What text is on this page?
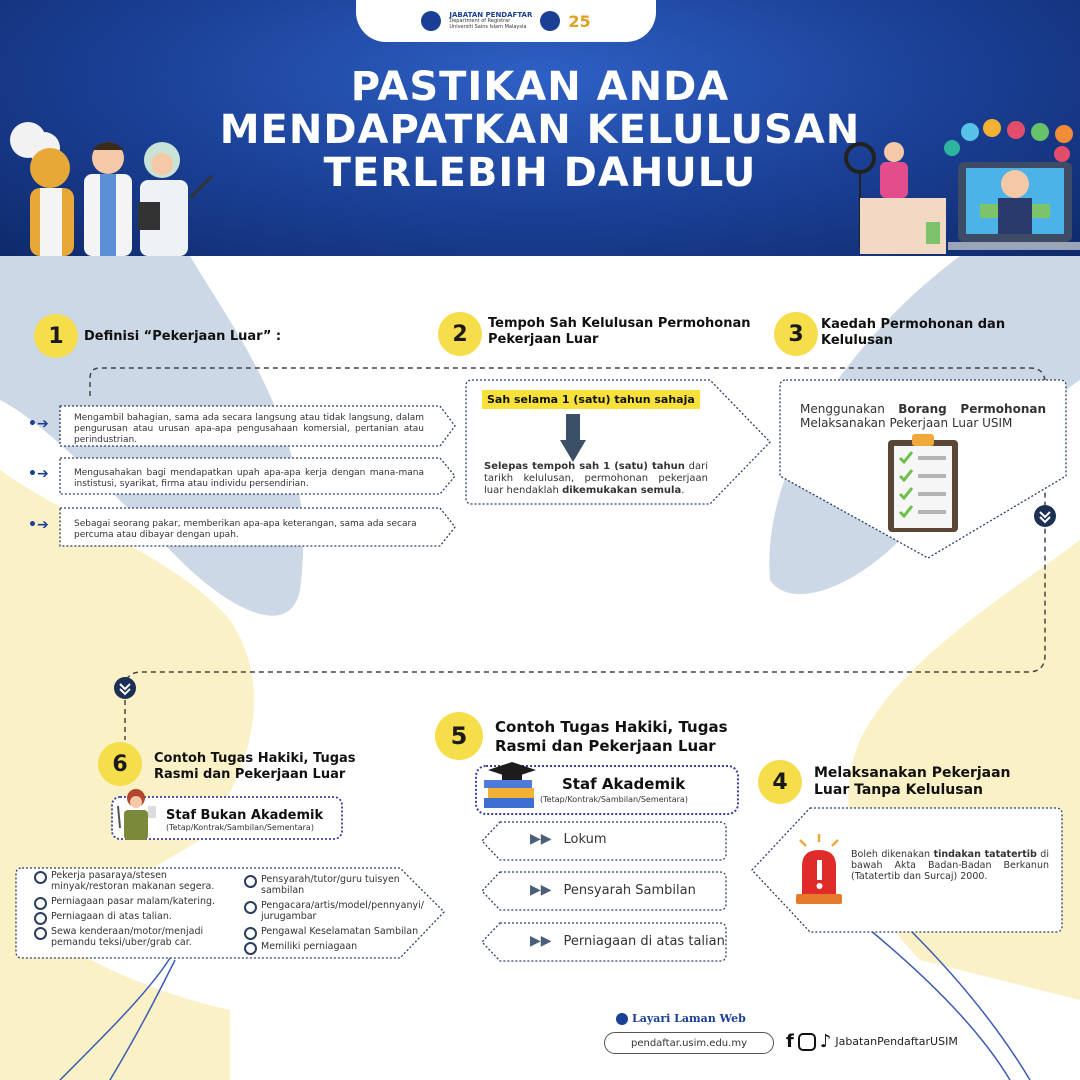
JABATAN PENDAFTAR
Department of Registrar
Universiti Sains Islam Malaysia	25
PASTIKAN ANDA
MENDAPATKAN KELULUSAN
TERLEBIH DAHULU
1	Definisi “Pekerjaan Luar” :
•➔
•➔
•➔
Mengambil bahagian, sama ada secara langsung atau tidak langsung, dalam pengurusan atau urusan apa-apa pengusahaan komersial, pertanian atau perindustrian.
Mengusahakan bagi mendapatkan upah apa-apa kerja dengan mana-mana instistusi, syarikat, firma atau individu persendirian.
Sebagai seorang pakar, memberikan apa-apa keterangan, sama ada secara percuma atau dibayar dengan upah.
2	Tempoh Sah Kelulusan Permohonan
Pekerjaan Luar
Sah selama 1 (satu) tahun sahaja
Selepas tempoh sah 1 (satu) tahun dari tarikh kelulusan, permohonan pekerjaan luar hendaklah dikemukakan semula.
3	Kaedah Permohonan dan
Kelulusan
Menggunakan Borang Permohonan Melaksanakan Pekerjaan Luar USIM
5	Contoh Tugas Hakiki, Tugas
Rasmi dan Pekerjaan Luar
Staf Akademik
(Tetap/Kontrak/Sambilan/Sementara)
▶▶ Lokum
▶▶ Pensyarah Sambilan
▶▶ Perniagaan di atas talian
4	Melaksanakan Pekerjaan
Luar Tanpa Kelulusan
Boleh dikenakan tindakan tatatertib di bawah Akta Badan-Badan Berkanun (Tatatertib dan Surcaj) 2000.
6	Contoh Tugas Hakiki, Tugas
Rasmi dan Pekerjaan Luar
Staf Bukan Akademik
(Tetap/Kontrak/Sambilan/Sementara)
Pekerja pasaraya/stesen minyak/restoran makanan segera.
Perniagaan pasar malam/katering.
Perniagaan di atas talian.
Sewa kenderaan/motor/menjadi pemandu teksi/uber/grab car.
Pensyarah/tutor/guru tuisyen sambilan
Pengacara/artis/model/pennyanyi/ jurugambar
Pengawal Keselamatan Sambilan
Memiliki perniagaan
Layari Laman Web
pendaftar.usim.edu.my	f ♪ JabatanPendaftarUSIM
